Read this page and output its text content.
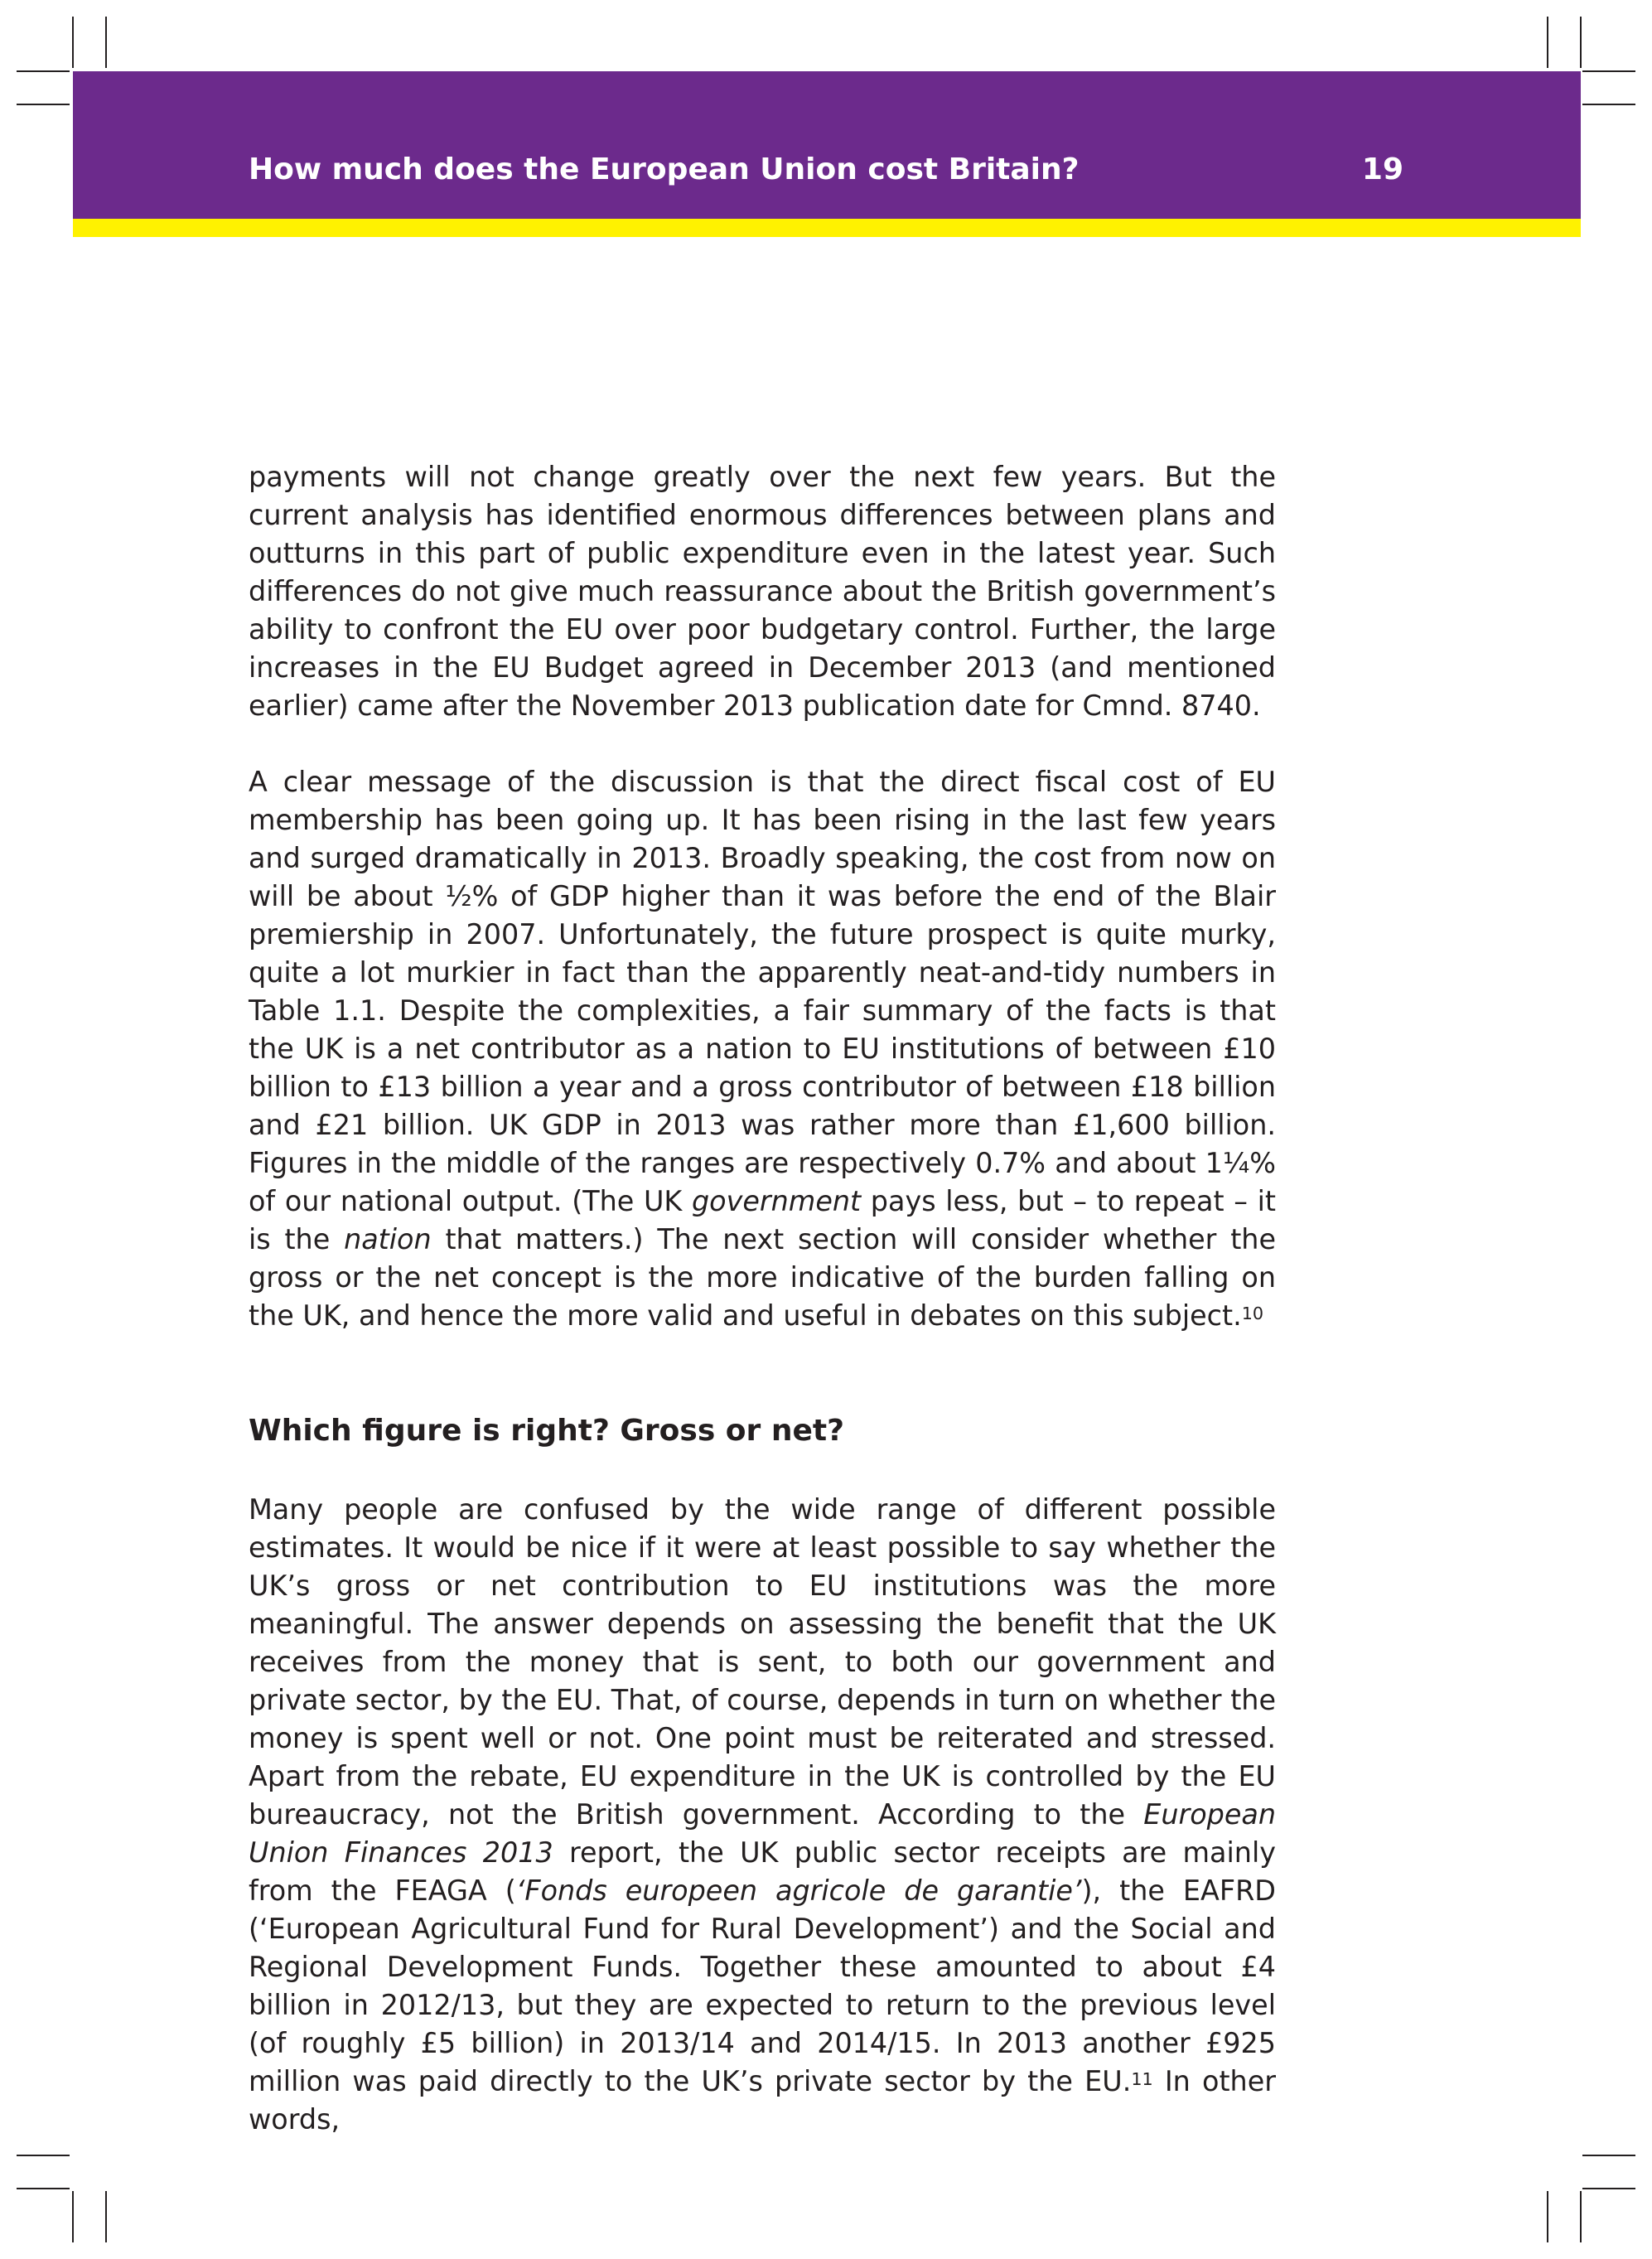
How much does the European Union cost Britain?	19

payments will not change greatly over the next few years. But the current analysis has identified enormous differences between plans and outturns in this part of public expenditure even in the latest year. Such differences do not give much reassurance about the British government’s ability to confront the EU over poor budgetary control. Further, the large increases in the EU Budget agreed in December 2013 (and mentioned earlier) came after the November 2013 publication date for Cmnd. 8740.

A clear message of the discussion is that the direct fiscal cost of EU membership has been going up. It has been rising in the last few years and surged dramatically in 2013. Broadly speaking, the cost from now on will be about ½% of GDP higher than it was before the end of the Blair premiership in 2007. Unfortunately, the future prospect is quite murky, quite a lot murkier in fact than the apparently neat-and-tidy numbers in Table 1.1. Despite the complexities, a fair summary of the facts is that the UK is a net contributor as a nation to EU institutions of between £10 billion to £13 billion a year and a gross contributor of between £18 billion and £21 billion. UK GDP in 2013 was rather more than £1,600 billion. Figures in the middle of the ranges are respectively 0.7% and about 1¼% of our national output. (The UK government pays less, but – to repeat – it is the nation that matters.) The next section will consider whether the gross or the net concept is the more indicative of the burden falling on the UK, and hence the more valid and useful in debates on this subject.$^{10}$

Which figure is right? Gross or net?

Many people are confused by the wide range of different possible estimates. It would be nice if it were at least possible to say whether the UK’s gross or net contribution to EU institutions was the more meaningful. The answer depends on assessing the benefit that the UK receives from the money that is sent, to both our government and private sector, by the EU. That, of course, depends in turn on whether the money is spent well or not. One point must be reiterated and stressed. Apart from the rebate, EU expenditure in the UK is controlled by the EU bureaucracy, not the British government. According to the European Union Finances 2013 report, the UK public sector receipts are mainly from the FEAGA (‘Fonds europeen agricole de garantie’), the EAFRD (‘European Agricultural Fund for Rural Development’) and the Social and Regional Development Funds. Together these amounted to about £4 billion in 2012/13, but they are expected to return to the previous level (of roughly £5 billion) in 2013/14 and 2014/15. In 2013 another £925 million was paid directly to the UK’s private sector by the EU.$^{11}$ In other words,
